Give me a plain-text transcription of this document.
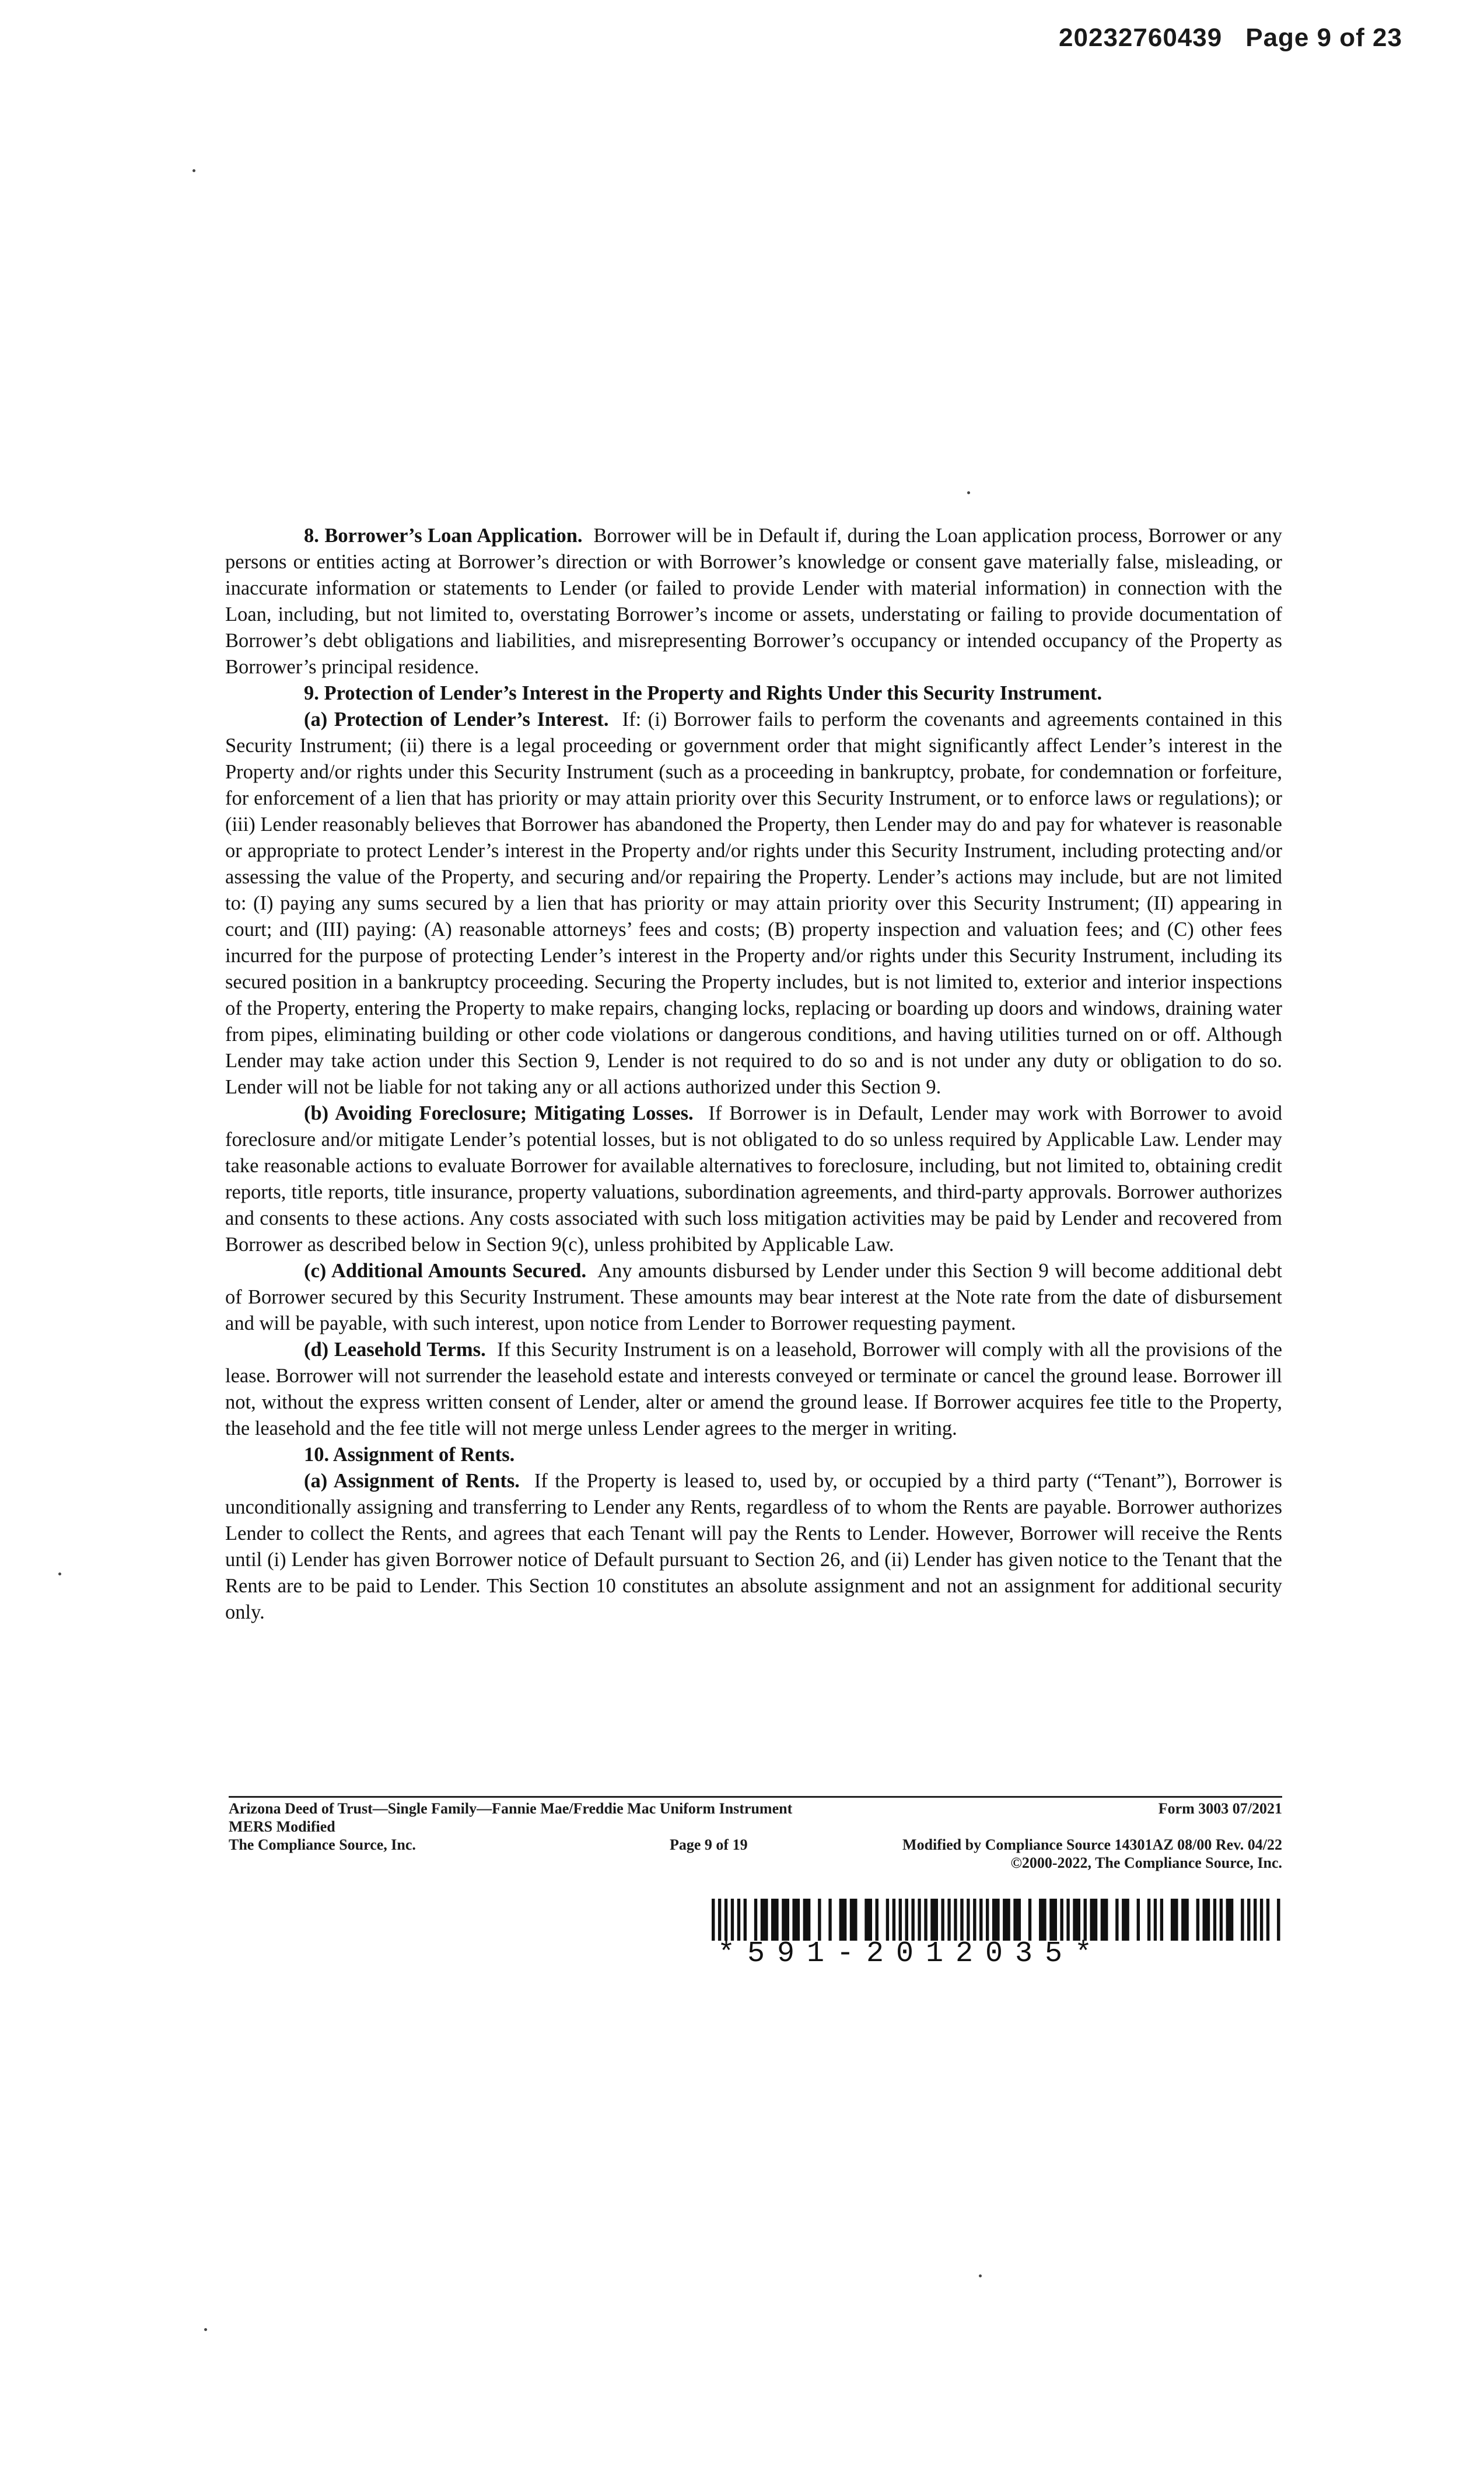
20232760439 Page 9 of 23

8. Borrower’s Loan Application. Borrower will be in Default if, during the Loan application process, Borrower or any persons or entities acting at Borrower’s direction or with Borrower’s knowledge or consent gave materially false, misleading, or inaccurate information or statements to Lender (or failed to provide Lender with material information) in connection with the Loan, including, but not limited to, overstating Borrower’s income or assets, understating or failing to provide documentation of Borrower’s debt obligations and liabilities, and misrepresenting Borrower’s occupancy or intended occupancy of the Property as Borrower’s principal residence.

9. Protection of Lender’s Interest in the Property and Rights Under this Security Instrument.

(a) Protection of Lender’s Interest. If: (i) Borrower fails to perform the covenants and agreements contained in this Security Instrument; (ii) there is a legal proceeding or government order that might significantly affect Lender’s interest in the Property and/or rights under this Security Instrument (such as a proceeding in bankruptcy, probate, for condemnation or forfeiture, for enforcement of a lien that has priority or may attain priority over this Security Instrument, or to enforce laws or regulations); or (iii) Lender reasonably believes that Borrower has abandoned the Property, then Lender may do and pay for whatever is reasonable or appropriate to protect Lender’s interest in the Property and/or rights under this Security Instrument, including protecting and/or assessing the value of the Property, and securing and/or repairing the Property. Lender’s actions may include, but are not limited to: (I) paying any sums secured by a lien that has priority or may attain priority over this Security Instrument; (II) appearing in court; and (III) paying: (A) reasonable attorneys’ fees and costs; (B) property inspection and valuation fees; and (C) other fees incurred for the purpose of protecting Lender’s interest in the Property and/or rights under this Security Instrument, including its secured position in a bankruptcy proceeding. Securing the Property includes, but is not limited to, exterior and interior inspections of the Property, entering the Property to make repairs, changing locks, replacing or boarding up doors and windows, draining water from pipes, eliminating building or other code violations or dangerous conditions, and having utilities turned on or off. Although Lender may take action under this Section 9, Lender is not required to do so and is not under any duty or obligation to do so. Lender will not be liable for not taking any or all actions authorized under this Section 9.

(b) Avoiding Foreclosure; Mitigating Losses. If Borrower is in Default, Lender may work with Borrower to avoid foreclosure and/or mitigate Lender’s potential losses, but is not obligated to do so unless required by Applicable Law. Lender may take reasonable actions to evaluate Borrower for available alternatives to foreclosure, including, but not limited to, obtaining credit reports, title reports, title insurance, property valuations, subordination agreements, and third-party approvals. Borrower authorizes and consents to these actions. Any costs associated with such loss mitigation activities may be paid by Lender and recovered from Borrower as described below in Section 9(c), unless prohibited by Applicable Law.

(c) Additional Amounts Secured. Any amounts disbursed by Lender under this Section 9 will become additional debt of Borrower secured by this Security Instrument. These amounts may bear interest at the Note rate from the date of disbursement and will be payable, with such interest, upon notice from Lender to Borrower requesting payment.

(d) Leasehold Terms. If this Security Instrument is on a leasehold, Borrower will comply with all the provisions of the lease. Borrower will not surrender the leasehold estate and interests conveyed or terminate or cancel the ground lease. Borrower ill not, without the express written consent of Lender, alter or amend the ground lease. If Borrower acquires fee title to the Property, the leasehold and the fee title will not merge unless Lender agrees to the merger in writing.

10. Assignment of Rents.

(a) Assignment of Rents. If the Property is leased to, used by, or occupied by a third party (“Tenant”), Borrower is unconditionally assigning and transferring to Lender any Rents, regardless of to whom the Rents are payable. Borrower authorizes Lender to collect the Rents, and agrees that each Tenant will pay the Rents to Lender. However, Borrower will receive the Rents until (i) Lender has given Borrower notice of Default pursuant to Section 26, and (ii) Lender has given notice to the Tenant that the Rents are to be paid to Lender. This Section 10 constitutes an absolute assignment and not an assignment for additional security only.

Arizona Deed of Trust—Single Family—Fannie Mae/Freddie Mac Uniform Instrument	Form 3003 07/2021
MERS Modified
The Compliance Source, Inc.	Page 9 of 19	Modified by Compliance Source 14301AZ 08/00 Rev. 04/22
©2000-2022, The Compliance Source, Inc.
*591-2012035*
